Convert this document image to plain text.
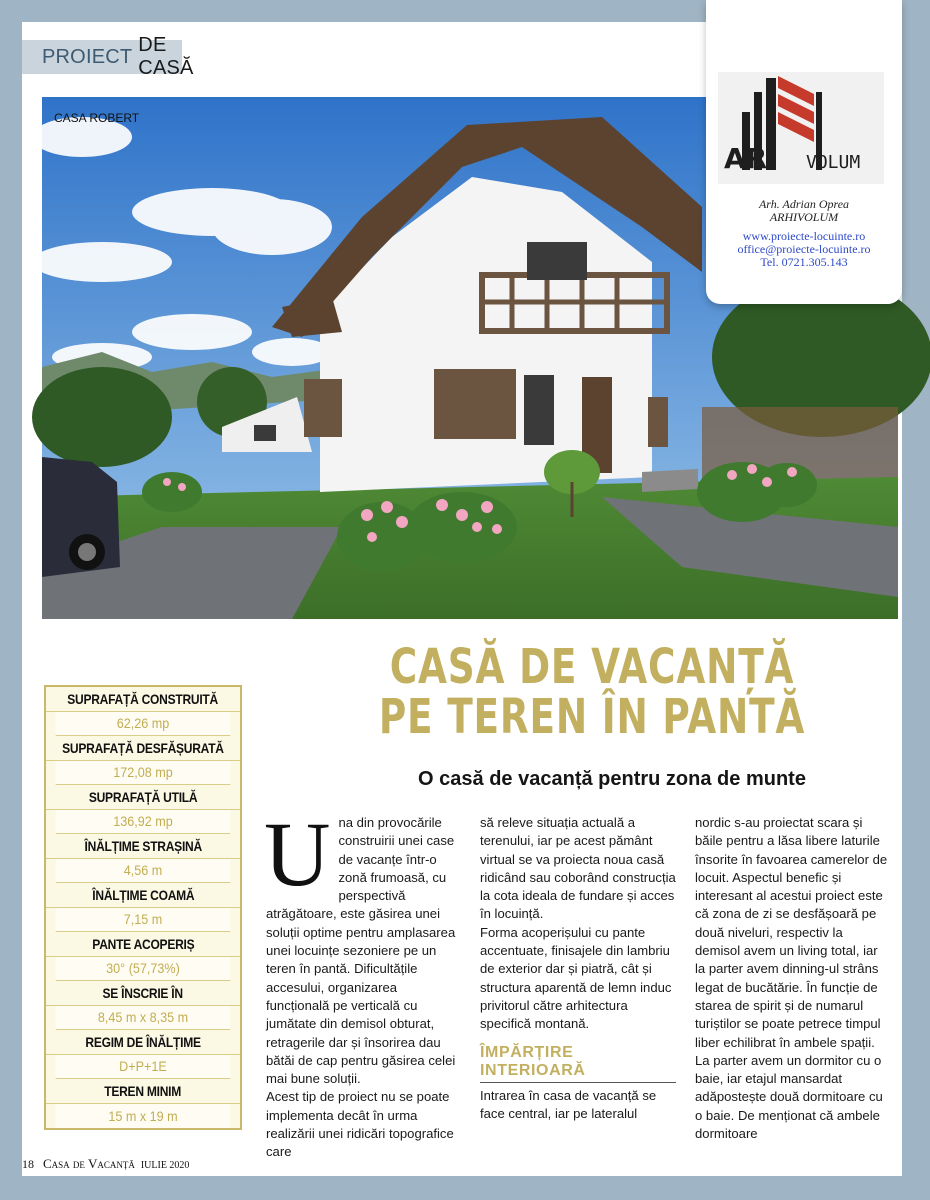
PROIECT
DE CASĂ
CASA ROBERT
AR VOLUM
Arh. Adrian Oprea
ARHIVOLUM
www.proiecte-locuinte.ro
office@proiecte-locuinte.ro
Tel. 0721.305.143
SUPRAFAȚĂ CONSTRUITĂ
62,26 mp
SUPRAFAȚĂ DESFĂȘURATĂ
172,08 mp
SUPRAFAȚĂ UTILĂ
136,92 mp
ÎNĂLȚIME STRAȘINĂ
4,56 m
ÎNĂLȚIME COAMĂ
7,15 m
PANTE ACOPERIȘ
30° (57,73%)
SE ÎNSCRIE ÎN
8,45 m x 8,35 m
REGIM DE ÎNĂLȚIME
D+P+1E
TEREN MINIM
15 m x 19 m
CASĂ DE VACANȚĂ
PE TEREN ÎN PANTĂ
O casă de vacanță pentru zona de munte
U na din provocările construirii unei case de vacanțe într-o zonă frumoasă, cu perspectivă atrăgătoare, este găsirea unei soluții optime pentru amplasarea unei locuințe sezoniere pe un teren în pantă. Dificultățile accesului, organizarea funcțională pe verticală cu jumătate din demisol obturat, retragerile dar și însorirea dau bătăi de cap pentru găsirea celei mai bune soluții.

Acest tip de proiect nu se poate implementa decât în urma realizării unei ridicări topografice care

să releve situația actuală a terenului, iar pe acest pământ virtual se va proiecta noua casă ridicând sau coborând construcția la cota ideala de fundare și acces în locuință.

Forma acoperișului cu pante accentuate, finisajele din lambriu de exterior dar și piatră, cât și structura aparentă de lemn induc privitorul către arhitectura specifică montană.

ÎMPĂRȚIRE INTERIOARĂ

Intrarea în casa de vacanță se face central, iar pe lateralul

nordic s-au proiectat scara și băile pentru a lăsa libere laturile însorite în favoarea camerelor de locuit. Aspectul benefic și interesant al acestui proiect este că zona de zi se desfășoară pe două niveluri, respectiv la demisol avem un living total, iar la parter avem dinning-ul strâns legat de bucătărie. În funcție de starea de spirit și de numarul turiștilor se poate petrece timpul liber echilibrat în ambele spații. La parter avem un dormitor cu o baie, iar etajul mansardat adăpostește două dormitoare cu o baie. De menționat că ambele dormitoare

18 Casa de Vacanță IULIE 2020
